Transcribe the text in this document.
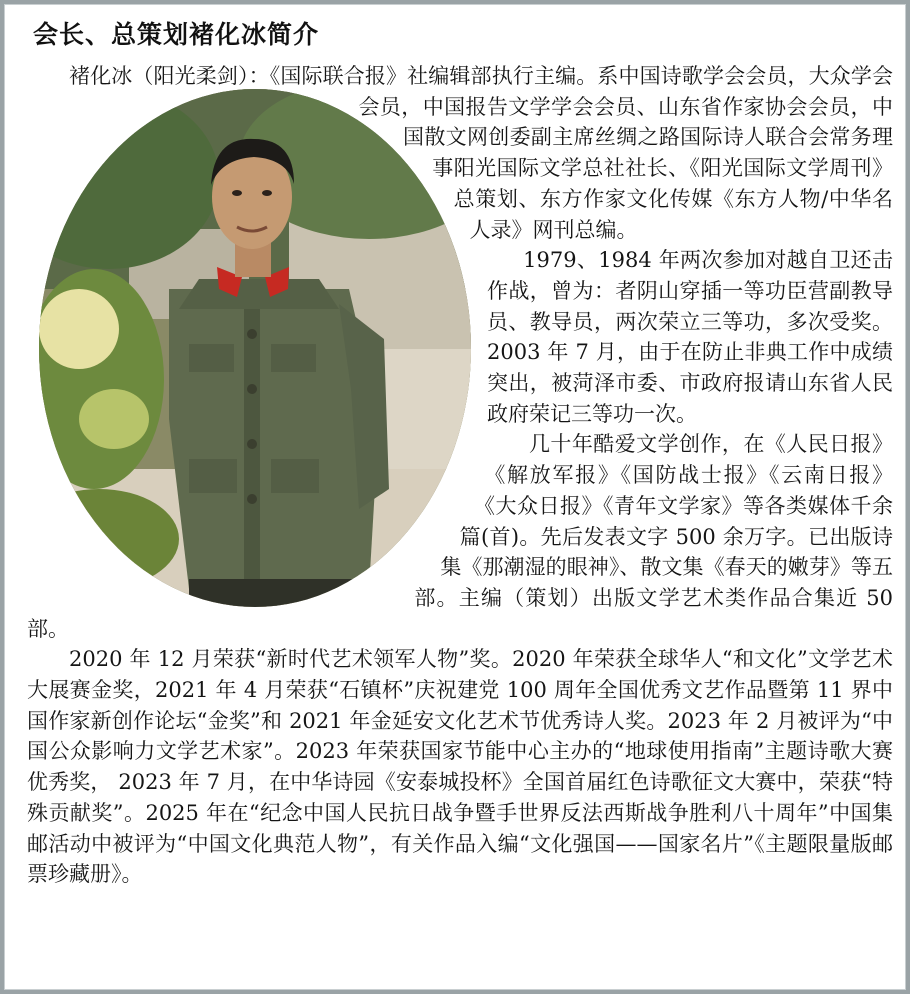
会长、总策划褚化冰简介

褚化冰（阳光柔剑）：《国际联合报》社编辑部执行主编。系中国诗歌学会会员，大众学会会员，中国报告文学学会会员、山东省作家协会会员，中国散文网创委副主席丝绸之路国际诗人联合会常务理事阳光国际文学总社社长、《阳光国际文学周刊》总策划、东方作家文化传媒《东方人物/中华名人录》网刊总编。

1979、1984 年两次参加对越自卫还击作战，曾为：者阴山穿插一等功臣营副教导员、教导员，两次荣立三等功，多次受奖。2003 年 7 月，由于在防止非典工作中成绩突出，被菏泽市委、市政府报请山东省人民政府荣记三等功一次。

几十年酷爱文学创作，在《人民日报》《解放军报》《国防战士报》《云南日报》《大众日报》《青年文学家》等各类媒体千余篇(首)。先后发表文字 500 余万字。已出版诗集《那潮湿的眼神》、散文集《春天的嫩芽》等五部。主编（策划）出版文学艺术类作品合集近 50 部。

2020 年 12 月荣获“新时代艺术领军人物”奖。2020 年荣获全球华人“和文化”文学艺术大展赛金奖，2021 年 4 月荣获“石镇杯”庆祝建党 100 周年全国优秀文艺作品暨第 11 界中国作家新创作论坛“金奖”和 2021 年金延安文化艺术节优秀诗人奖。2023 年 2 月被评为“中国公众影响力文学艺术家”。2023 年荣获国家节能中心主办的“地球使用指南”主题诗歌大赛优秀奖， 2023 年 7 月，在中华诗园《安泰城投杯》全国首届红色诗歌征文大赛中，荣获“特殊贡献奖”。2025 年在“纪念中国人民抗日战争暨手世界反法西斯战争胜利八十周年”中国集邮活动中被评为“中国文化典范人物”，有关作品入编“文化强国——国家名片”《主题限量版邮票珍藏册》。
